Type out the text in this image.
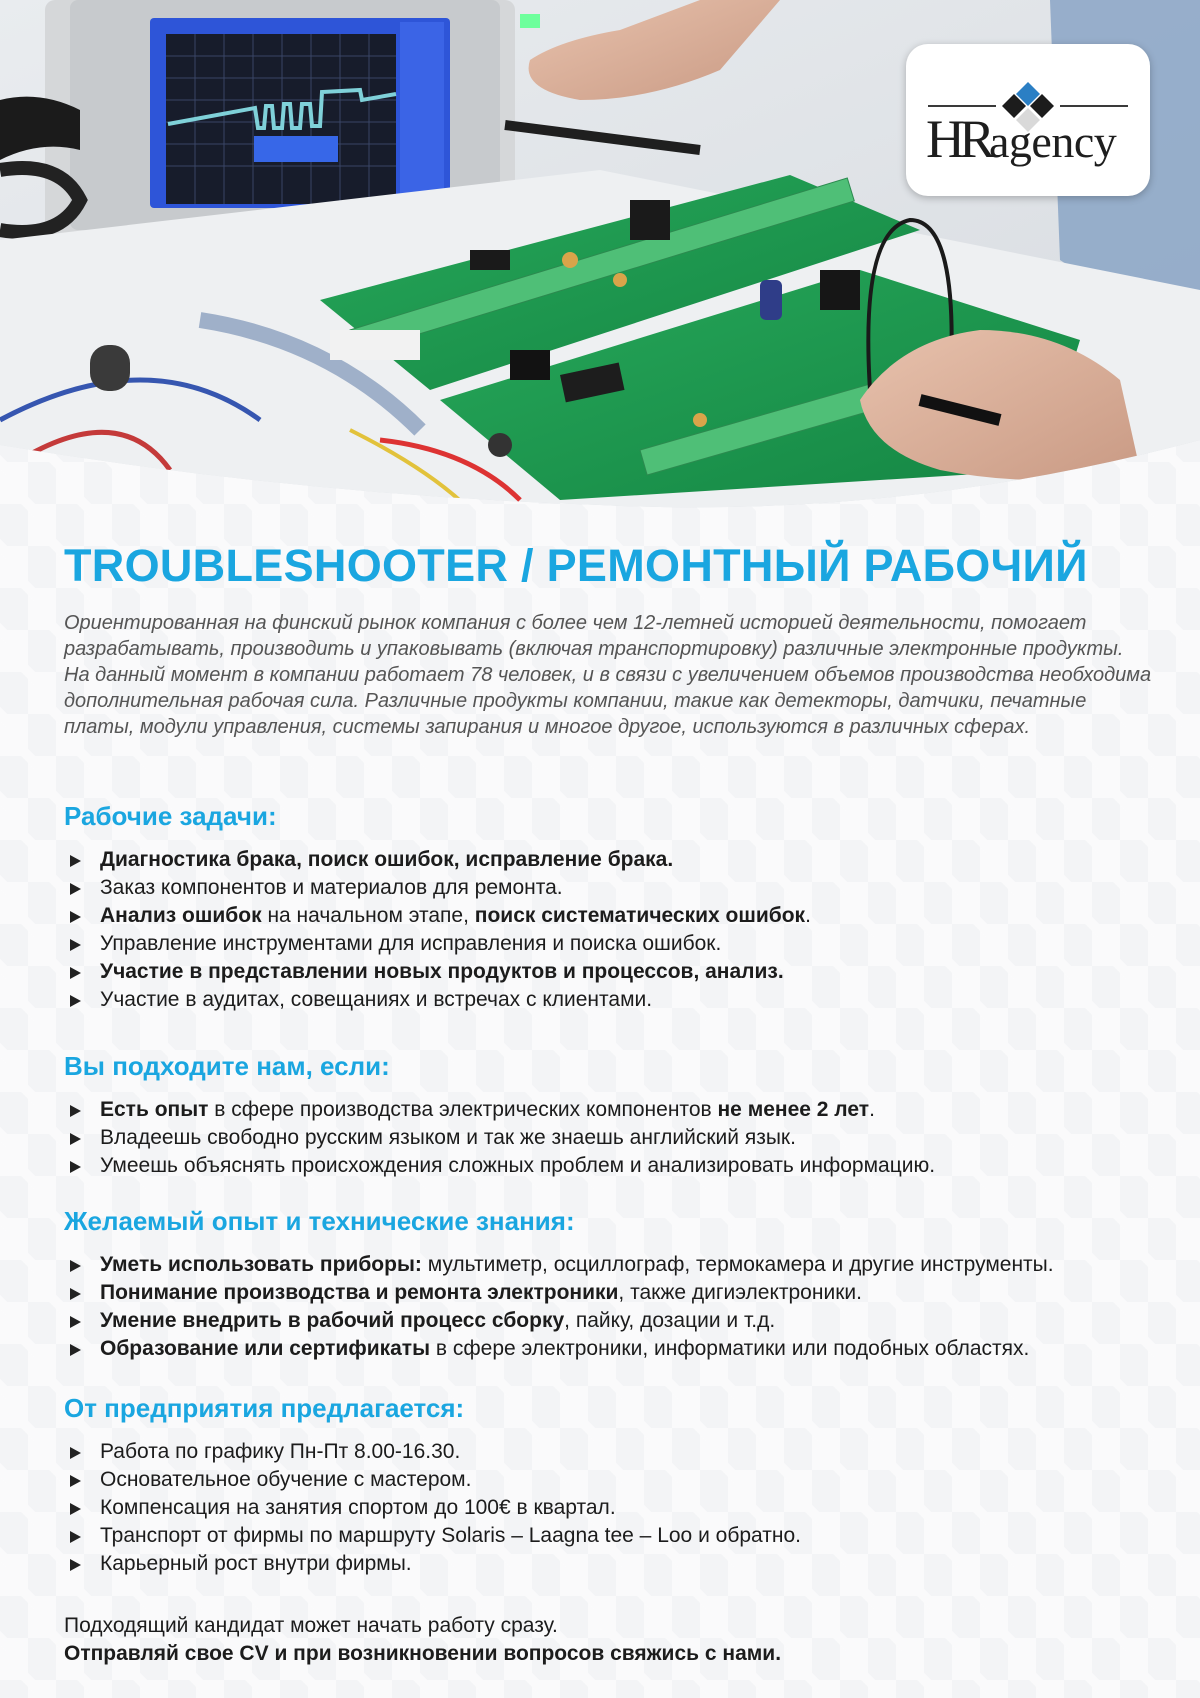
HRagency
TROUBLESHOOTER / РЕМОНТНЫЙ РАБОЧИЙ

Ориентированная на финский рынок компания с более чем 12-летней историей деятельности, помогает разрабатывать, производить и упаковывать (включая транспортировку) различные электронные продукты. На данный момент в компании работает 78 человек, и в связи с увеличением объемов производства необходима дополнительная рабочая сила. Различные продукты компании, такие как детекторы, датчики, печатные платы, модули управления, системы запирания и многое другое, используются в различных сферах.

Рабочие задачи:
Диагностика брака, поиск ошибок, исправление брака.
Заказ компонентов и материалов для ремонта.
Анализ ошибок на начальном этапе, поиск систематических ошибок.
Управление инструментами для исправления и поиска ошибок.
Участие в представлении новых продуктов и процессов, анализ.
Участие в аудитах, совещаниях и встречах с клиентами.
Вы подходите нам, если:
Есть опыт в сфере производства электрических компонентов не менее 2 лет.
Владеешь свободно русским языком и так же знаешь английский язык.
Умеешь объяснять происхождения сложных проблем и анализировать информацию.
Желаемый опыт и технические знания:
Уметь использовать приборы: мультиметр, осциллограф, термокамера и другие инструменты.
Понимание производства и ремонта электроники, также дигиэлектроники.
Умение внедрить в рабочий процесс сборку, пайку, дозации и т.д.
Образование или сертификаты в сфере электроники, информатики или подобных областях.
От предприятия предлагается:
Работа по графику Пн-Пт 8.00-16.30.
Основательное обучение с мастером.
Компенсация на занятия спортом до 100€ в квартал.
Транспорт от фирмы по маршруту Solaris – Laagna tee – Loo и обратно.
Карьерный рост внутри фирмы.
Подходящий кандидат может начать работу сразу.
Отправляй свое CV и при возникновении вопросов свяжись с нами.
